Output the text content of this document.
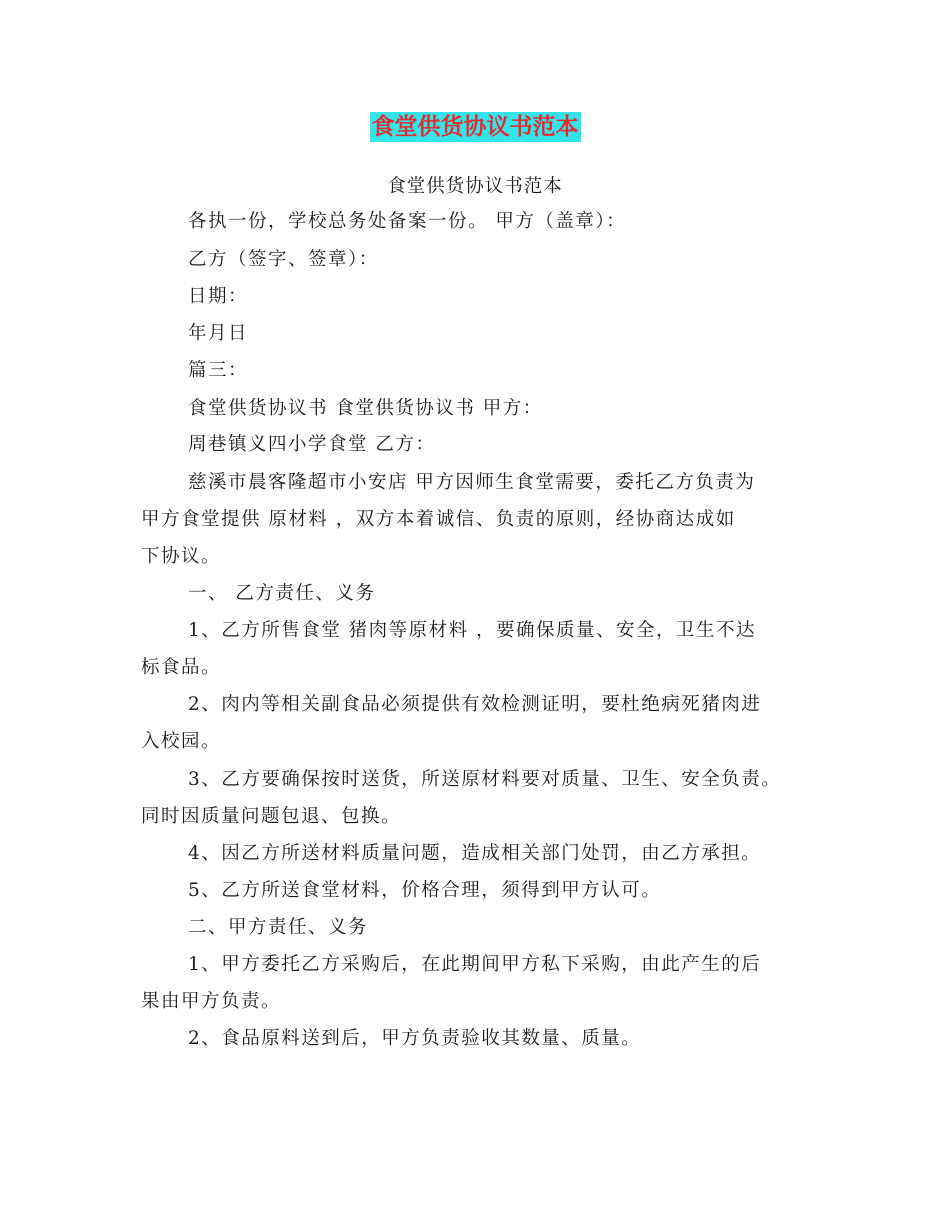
食堂供货协议书范本
食堂供货协议书范本
各执一份，学校总务处备案一份。 甲方（盖章）：
乙方（签字、签章）：
日期：
年月日
篇三：
食堂供货协议书 食堂供货协议书 甲方：
周巷镇义四小学食堂 乙方：
慈溪市晨客隆超市小安店 甲方因师生食堂需要，委托乙方负责为
甲方食堂提供 原材料 ，双方本着诚信、负责的原则，经协商达成如
下协议。
一、 乙方责任、义务
1、乙方所售食堂 猪肉等原材料 ，要确保质量、安全，卫生不达
标食品。
2、肉内等相关副食品必须提供有效检测证明，要杜绝病死猪肉进
入校园。
3、乙方要确保按时送货，所送原材料要对质量、卫生、安全负责。
同时因质量问题包退、包换。
4、因乙方所送材料质量问题，造成相关部门处罚，由乙方承担。
5、乙方所送食堂材料，价格合理，须得到甲方认可。
二、甲方责任、义务
1、甲方委托乙方采购后，在此期间甲方私下采购，由此产生的后
果由甲方负责。
2、食品原料送到后，甲方负责验收其数量、质量。
